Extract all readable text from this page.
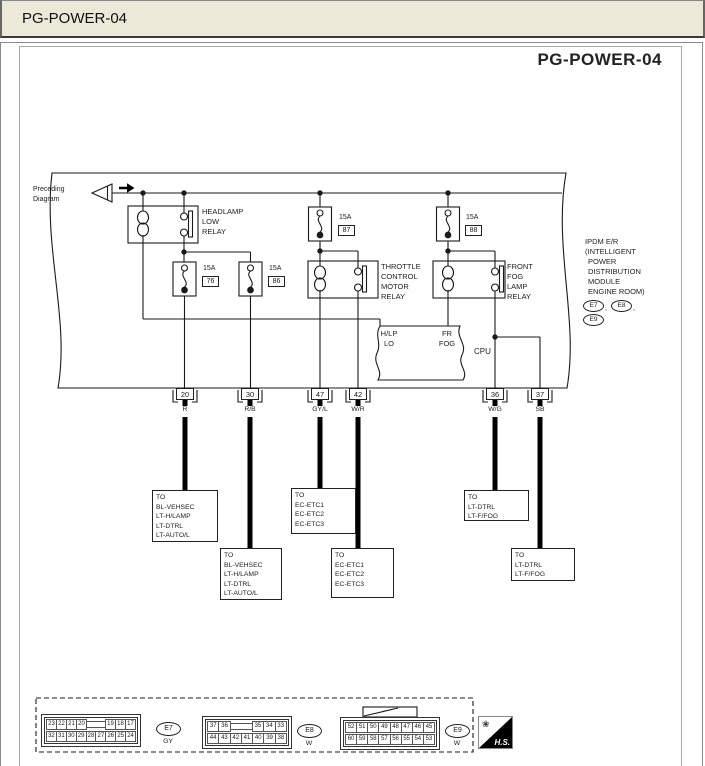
PG-POWER-04
PG-POWER-04
Preceding
Diagram
HEADLAMP
LOW
RELAY
THROTTLE
CONTROL
MOTOR
RELAY
FRONT
FOG
LAMP
RELAY
15A
76
15A
86
15A
87
15A
88
H/LP
LO
FR
FOG
CPU
IPDM E/R
(INTELLIGENT
POWER
DISTRIBUTION
MODULE
ENGINE ROOM)
E7	,	E8	,
E9
20	30	47	42	36	37
R	R/B	GY/L	W/R	W/G	SB
TO
BL-VEHSEC
LT-H/LAMP
LT-DTRL
LT-AUTO/L
TO
BL-VEHSEC
LT-H/LAMP
LT-DTRL
LT-AUTO/L
TO
EC-ETC1
EC-ETC2
EC-ETC3
TO
EC-ETC1
EC-ETC2
EC-ETC3
TO
LT-DTRL
LT-F/FOG
TO
LT-DTRL
LT-F/FOG
23 22 21 20	19 18 17
32 31 30 29 28 27 26 25 24
E7
GY
37 36	35 34 33
44 43 42 41 40 39 38
E8
W
52 51 50 49 48 47 46 45
60 59 58 57 56 55 54 53
E9
W
❀
H.S.
